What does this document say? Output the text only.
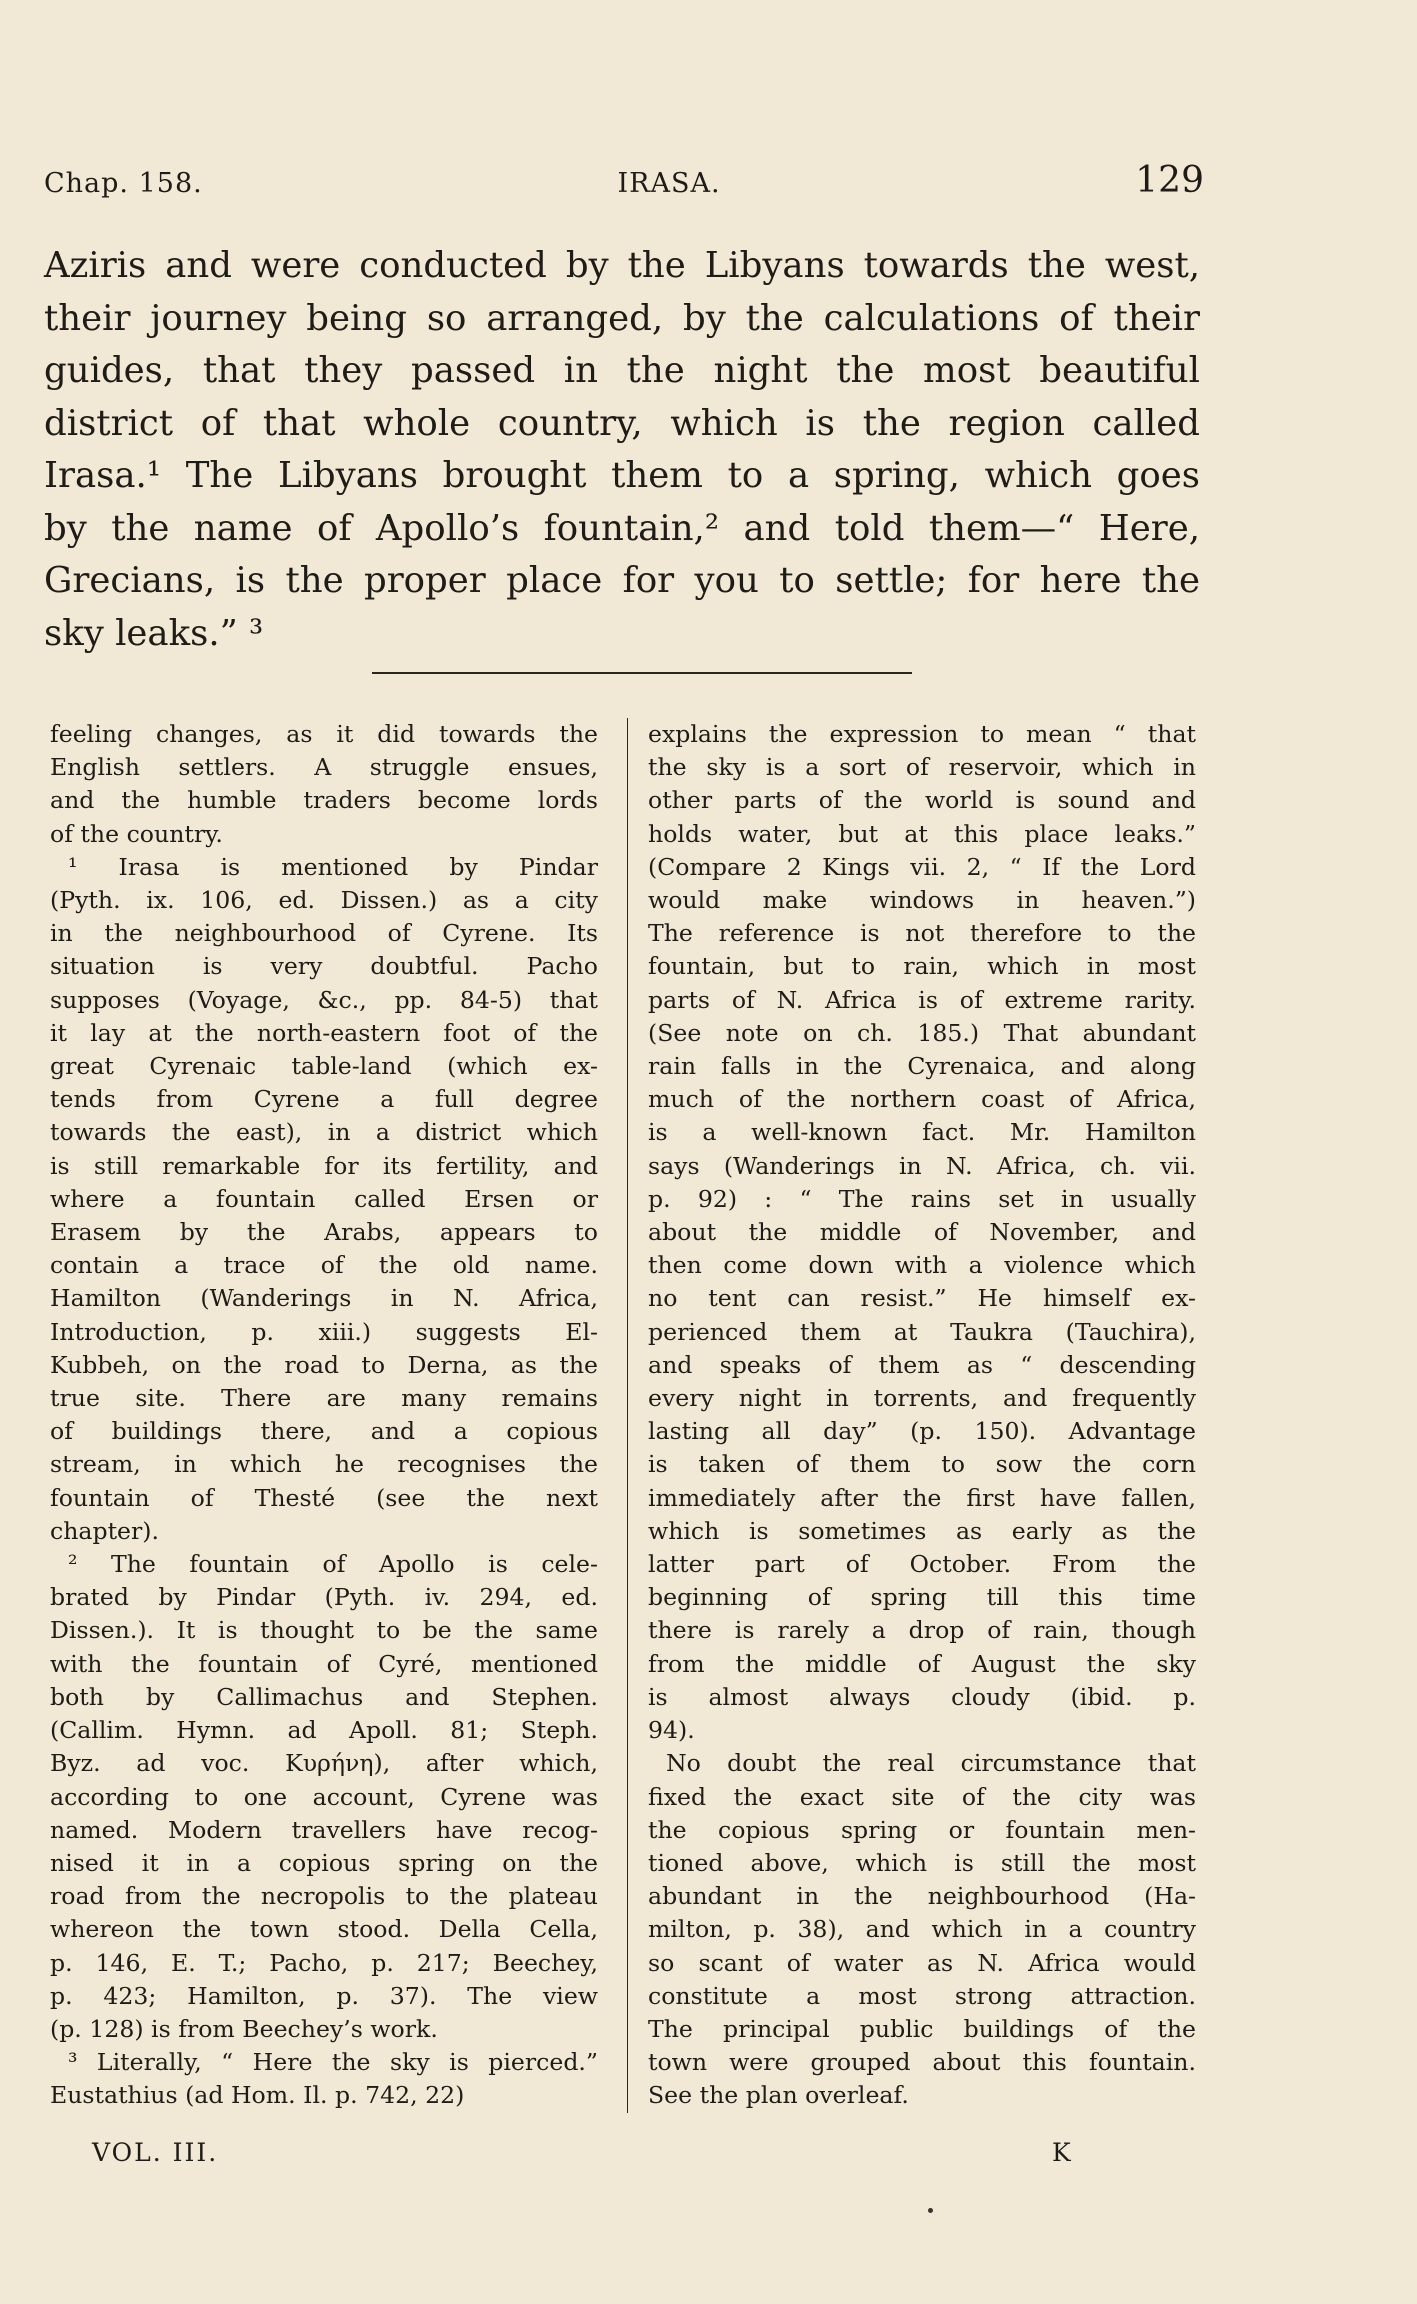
Chap. 158.	IRASA.	129
Aziris and were conducted by the Libyans towards the west,
their journey being so arranged, by the calculations of their
guides, that they passed in the night the most beautiful
district of that whole country, which is the region called
Irasa.¹ The Libyans brought them to a spring, which goes
by the name of Apollo’s fountain,² and told them—“ Here,
Grecians, is the proper place for you to settle; for here the
sky leaks.” ³
feeling changes, as it did towards the
English settlers. A struggle ensues,
and the humble traders become lords
of the country.
¹ Irasa is mentioned by Pindar
(Pyth. ix. 106, ed. Dissen.) as a city
in the neighbourhood of Cyrene. Its
situation is very doubtful. Pacho
supposes (Voyage, &c., pp. 84-5) that
it lay at the north-eastern foot of the
great Cyrenaic table-land (which ex-
tends from Cyrene a full degree
towards the east), in a district which
is still remarkable for its fertility, and
where a fountain called Ersen or
Erasem by the Arabs, appears to
contain a trace of the old name.
Hamilton (Wanderings in N. Africa,
Introduction, p. xiii.) suggests El-
Kubbeh, on the road to Derna, as the
true site. There are many remains
of buildings there, and a copious
stream, in which he recognises the
fountain of Thesté (see the next
chapter).
² The fountain of Apollo is cele-
brated by Pindar (Pyth. iv. 294, ed.
Dissen.). It is thought to be the same
with the fountain of Cyré, mentioned
both by Callimachus and Stephen.
(Callim. Hymn. ad Apoll. 81; Steph.
Byz. ad voc. Κυρήνη), after which,
according to one account, Cyrene was
named. Modern travellers have recog-
nised it in a copious spring on the
road from the necropolis to the plateau
whereon the town stood. Della Cella,
p. 146, E. T.; Pacho, p. 217; Beechey,
p. 423; Hamilton, p. 37). The view
(p. 128) is from Beechey’s work.
³ Literally, “ Here the sky is pierced.”
Eustathius (ad Hom. Il. p. 742, 22)
explains the expression to mean “ that
the sky is a sort of reservoir, which in
other parts of the world is sound and
holds water, but at this place leaks.”
(Compare 2 Kings vii. 2, “ If the Lord
would make windows in heaven.”)
The reference is not therefore to the
fountain, but to rain, which in most
parts of N. Africa is of extreme rarity.
(See note on ch. 185.) That abundant
rain falls in the Cyrenaica, and along
much of the northern coast of Africa,
is a well-known fact. Mr. Hamilton
says (Wanderings in N. Africa, ch. vii.
p. 92) : “ The rains set in usually
about the middle of November, and
then come down with a violence which
no tent can resist.” He himself ex-
perienced them at Taukra (Tauchira),
and speaks of them as “ descending
every night in torrents, and frequently
lasting all day” (p. 150). Advantage
is taken of them to sow the corn
immediately after the first have fallen,
which is sometimes as early as the
latter part of October. From the
beginning of spring till this time
there is rarely a drop of rain, though
from the middle of August the sky
is almost always cloudy (ibid. p.
94).
No doubt the real circumstance that
fixed the exact site of the city was
the copious spring or fountain men-
tioned above, which is still the most
abundant in the neighbourhood (Ha-
milton, p. 38), and which in a country
so scant of water as N. Africa would
constitute a most strong attraction.
The principal public buildings of the
town were grouped about this fountain.
See the plan overleaf.
VOL. III.	K
